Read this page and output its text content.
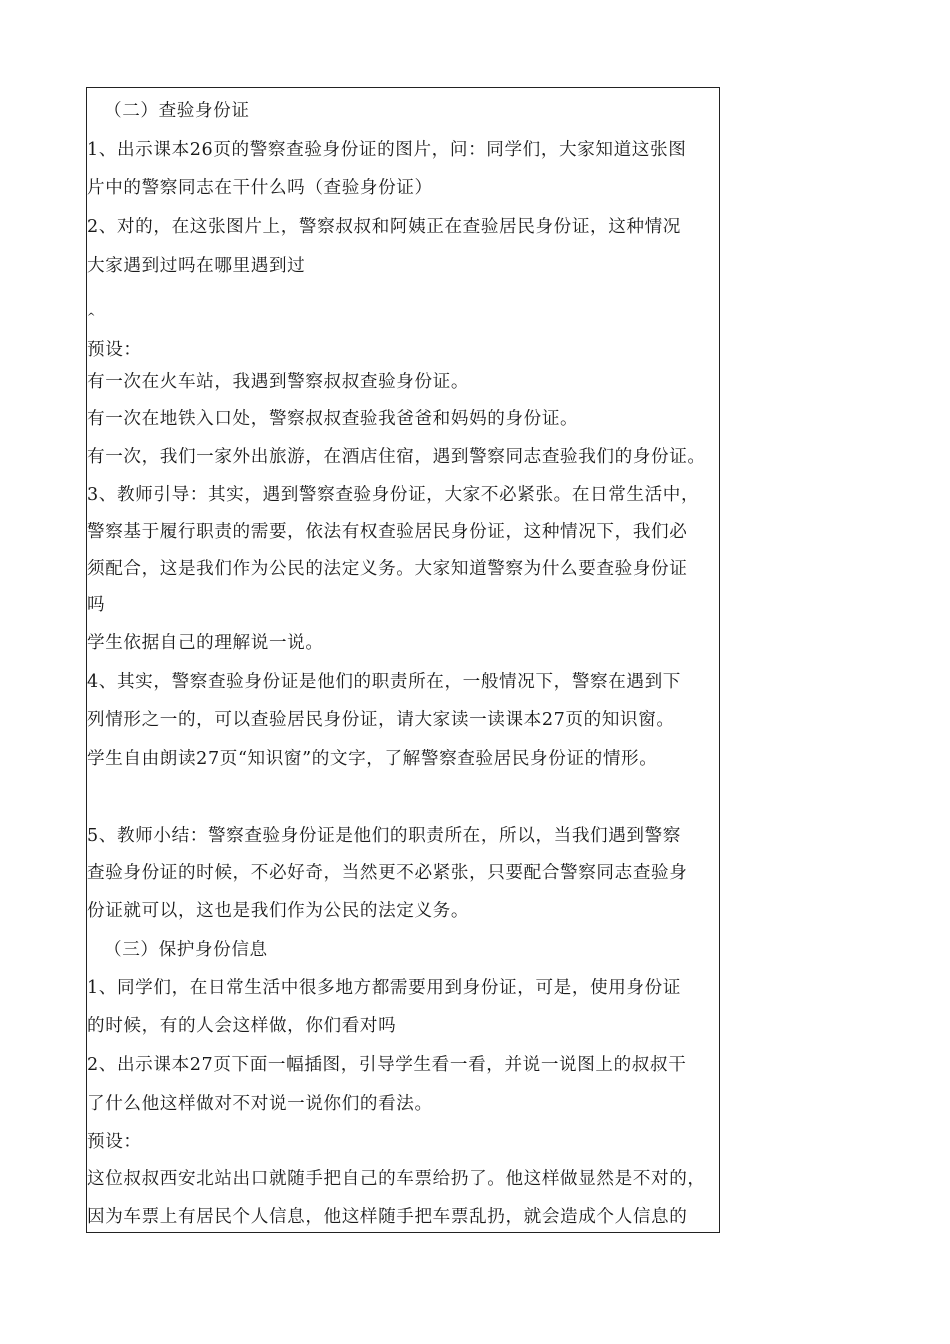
（二）查验身份证
1、出示课本26页的警察查验身份证的图片，问：同学们，大家知道这张图
片中的警察同志在干什么吗（查验身份证）
2、对的，在这张图片上，警察叔叔和阿姨正在查验居民身份证，这种情况
大家遇到过吗在哪里遇到过
^
预设：
有一次在火车站，我遇到警察叔叔查验身份证。
有一次在地铁入口处，警察叔叔查验我爸爸和妈妈的身份证。
有一次，我们一家外出旅游，在酒店住宿，遇到警察同志查验我们的身份证。
3、教师引导：其实，遇到警察查验身份证，大家不必紧张。在日常生活中，
警察基于履行职责的需要，依法有权查验居民身份证，这种情况下，我们必
须配合，这是我们作为公民的法定义务。大家知道警察为什么要查验身份证
吗
学生依据自己的理解说一说。
4、其实，警察查验身份证是他们的职责所在，一般情况下，警察在遇到下
列情形之一的，可以查验居民身份证，请大家读一读课本27页的知识窗。
学生自由朗读27页“知识窗”的文字，了解警察查验居民身份证的情形。
5、教师小结：警察查验身份证是他们的职责所在，所以，当我们遇到警察
查验身份证的时候，不必好奇，当然更不必紧张，只要配合警察同志查验身
份证就可以，这也是我们作为公民的法定义务。
（三）保护身份信息
1、同学们，在日常生活中很多地方都需要用到身份证，可是，使用身份证
的时候，有的人会这样做，你们看对吗
2、出示课本27页下面一幅插图，引导学生看一看，并说一说图上的叔叔干
了什么他这样做对不对说一说你们的看法。
预设：
这位叔叔西安北站出口就随手把自己的车票给扔了。他这样做显然是不对的，
因为车票上有居民个人信息，他这样随手把车票乱扔，就会造成个人信息的
